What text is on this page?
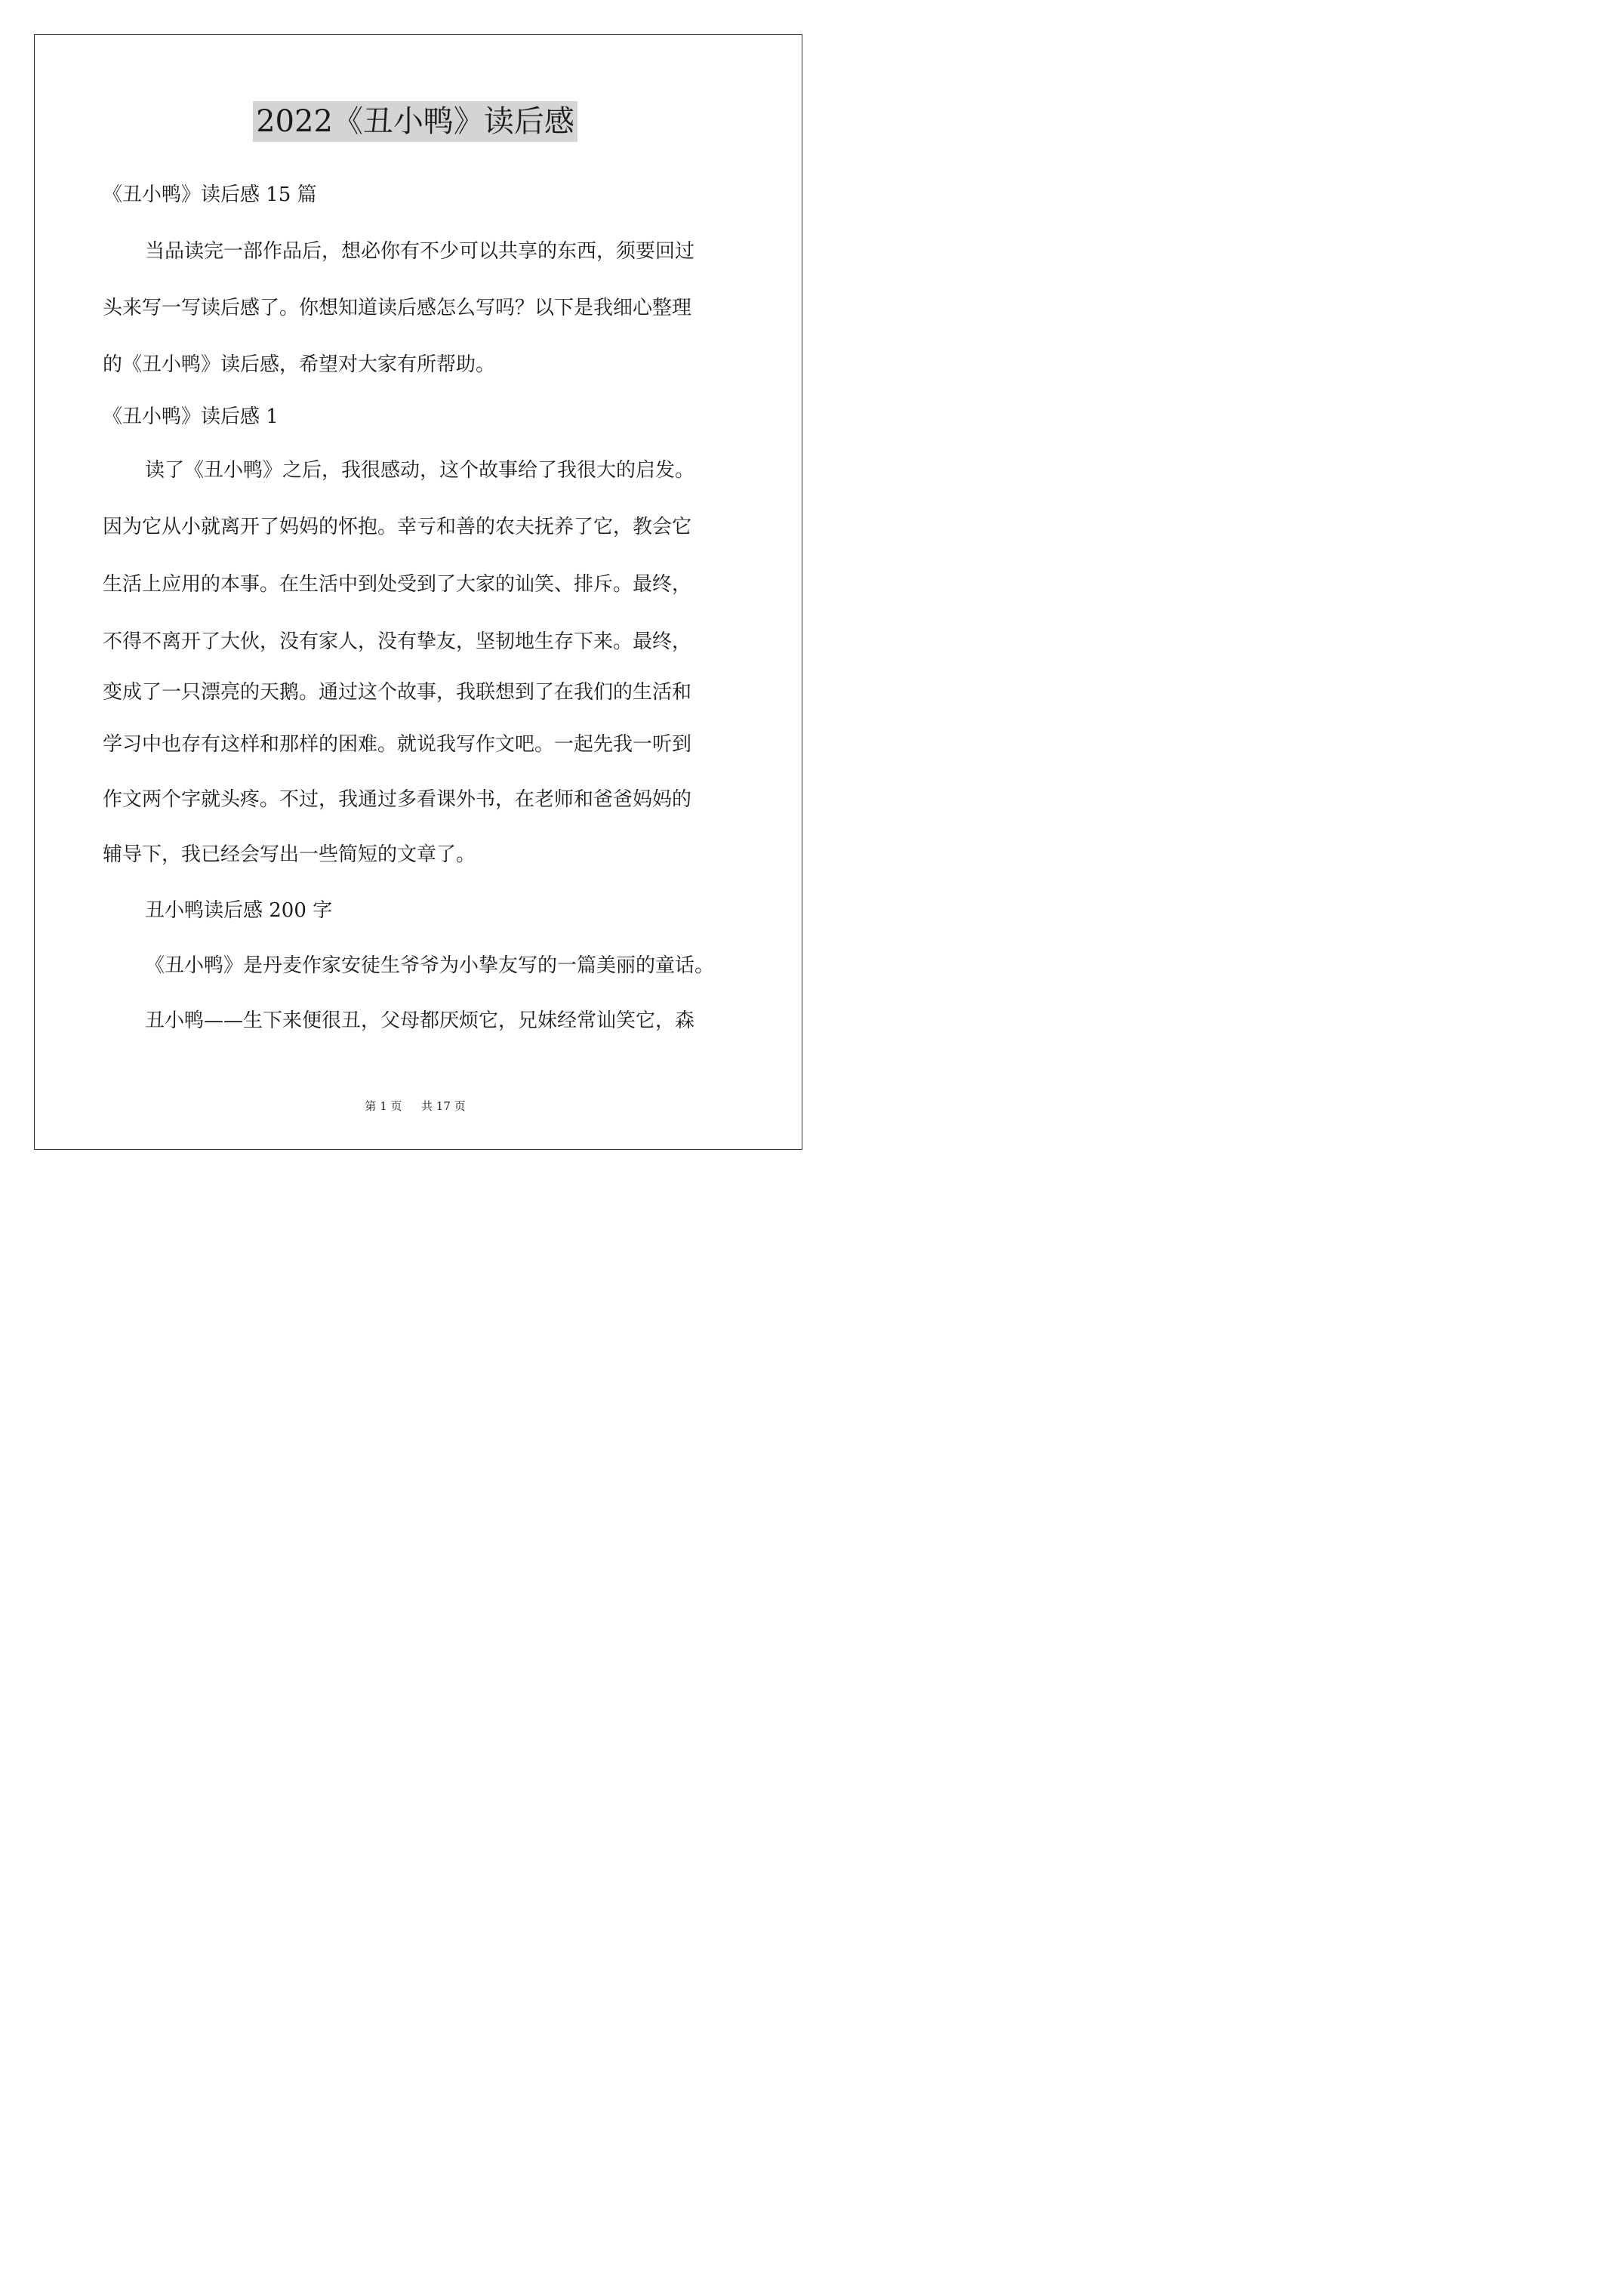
2022《丑小鸭》读后感
《丑小鸭》读后感 15 篇
当品读完一部作品后，想必你有不少可以共享的东西，须要回过
头来写一写读后感了。你想知道读后感怎么写吗？以下是我细心整理
的《丑小鸭》读后感，希望对大家有所帮助。
《丑小鸭》读后感 1
读了《丑小鸭》之后，我很感动，这个故事给了我很大的启发。
因为它从小就离开了妈妈的怀抱。幸亏和善的农夫抚养了它，教会它
生活上应用的本事。在生活中到处受到了大家的讪笑、排斥。最终，
不得不离开了大伙，没有家人，没有挚友，坚韧地生存下来。最终，
变成了一只漂亮的天鹅。通过这个故事，我联想到了在我们的生活和
学习中也存有这样和那样的困难。就说我写作文吧。一起先我一听到
作文两个字就头疼。不过，我通过多看课外书，在老师和爸爸妈妈的
辅导下，我已经会写出一些简短的文章了。
丑小鸭读后感 200 字
《丑小鸭》是丹麦作家安徒生爷爷为小挚友写的一篇美丽的童话。
丑小鸭——生下来便很丑，父母都厌烦它，兄妹经常讪笑它，森
第 1 页 共 17 页
